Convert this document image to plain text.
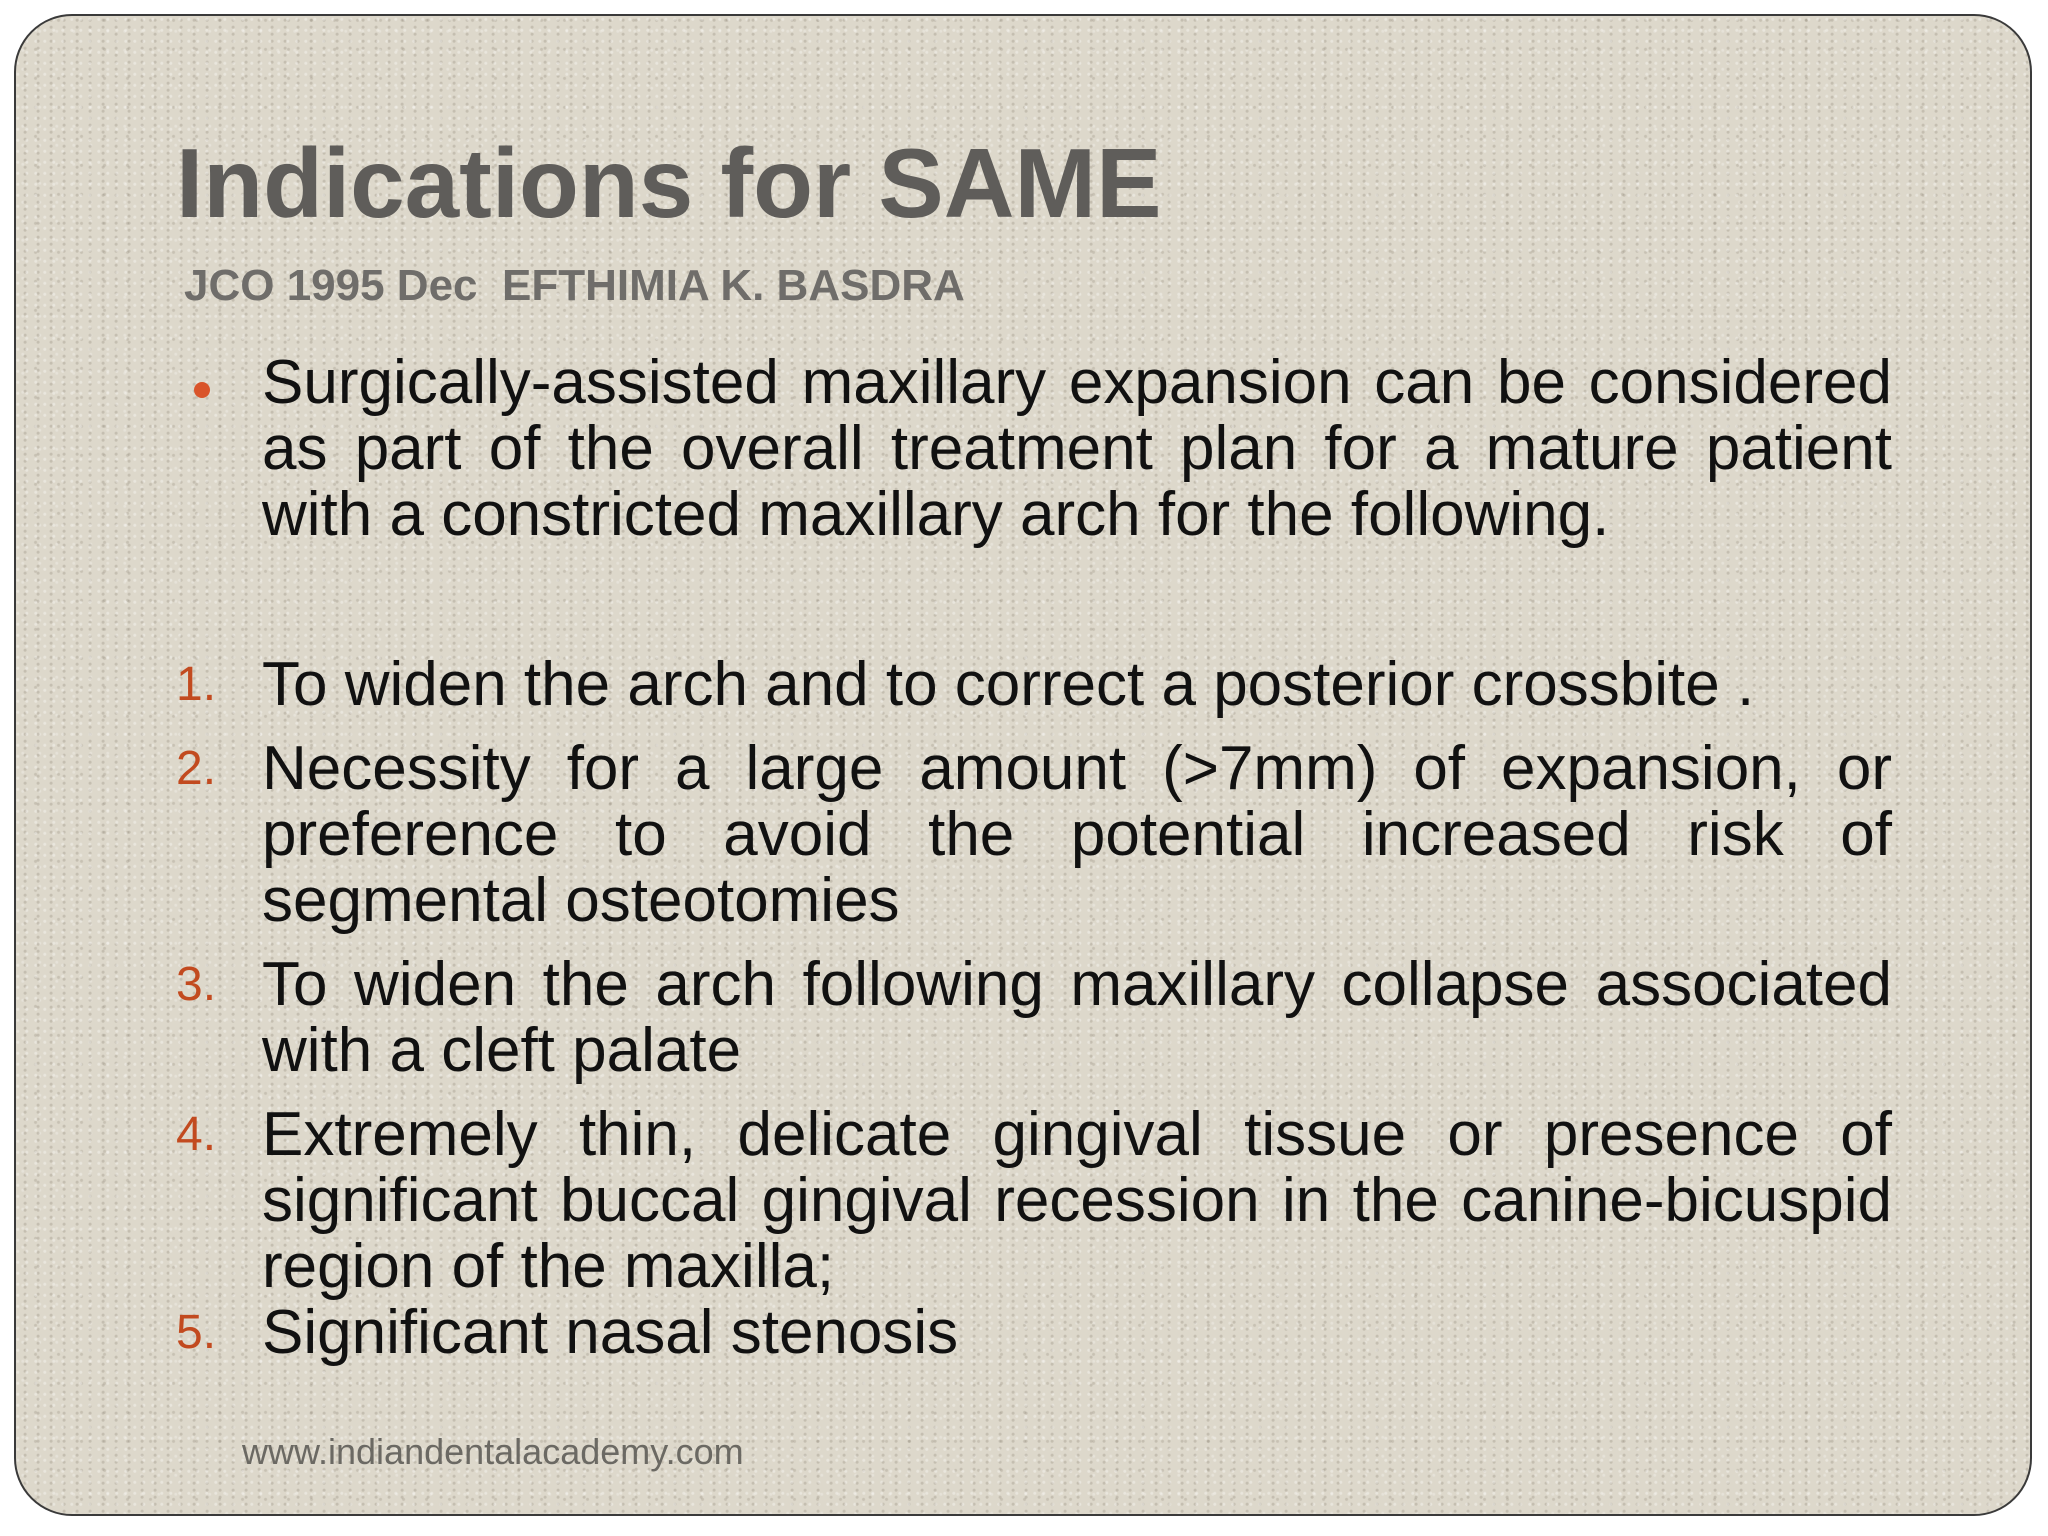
Indications for SAME
JCO 1995 Dec  EFTHIMIA K. BASDRA

Surgically-assisted maxillary expansion can be considered as part of the overall treatment plan for a mature patient with a constricted maxillary arch for the following.

1. To widen the arch and to correct a posterior crossbite .

2. Necessity for a large amount (>7mm) of expansion, or preference to avoid the potential increased risk of segmental osteotomies

3. To widen the arch following maxillary collapse associated with a cleft palate

4. Extremely thin, delicate gingival tissue or presence of significant buccal gingival recession in the canine-bicuspid region of the maxilla;

5. Significant nasal stenosis

www.indiandentalacademy.com
